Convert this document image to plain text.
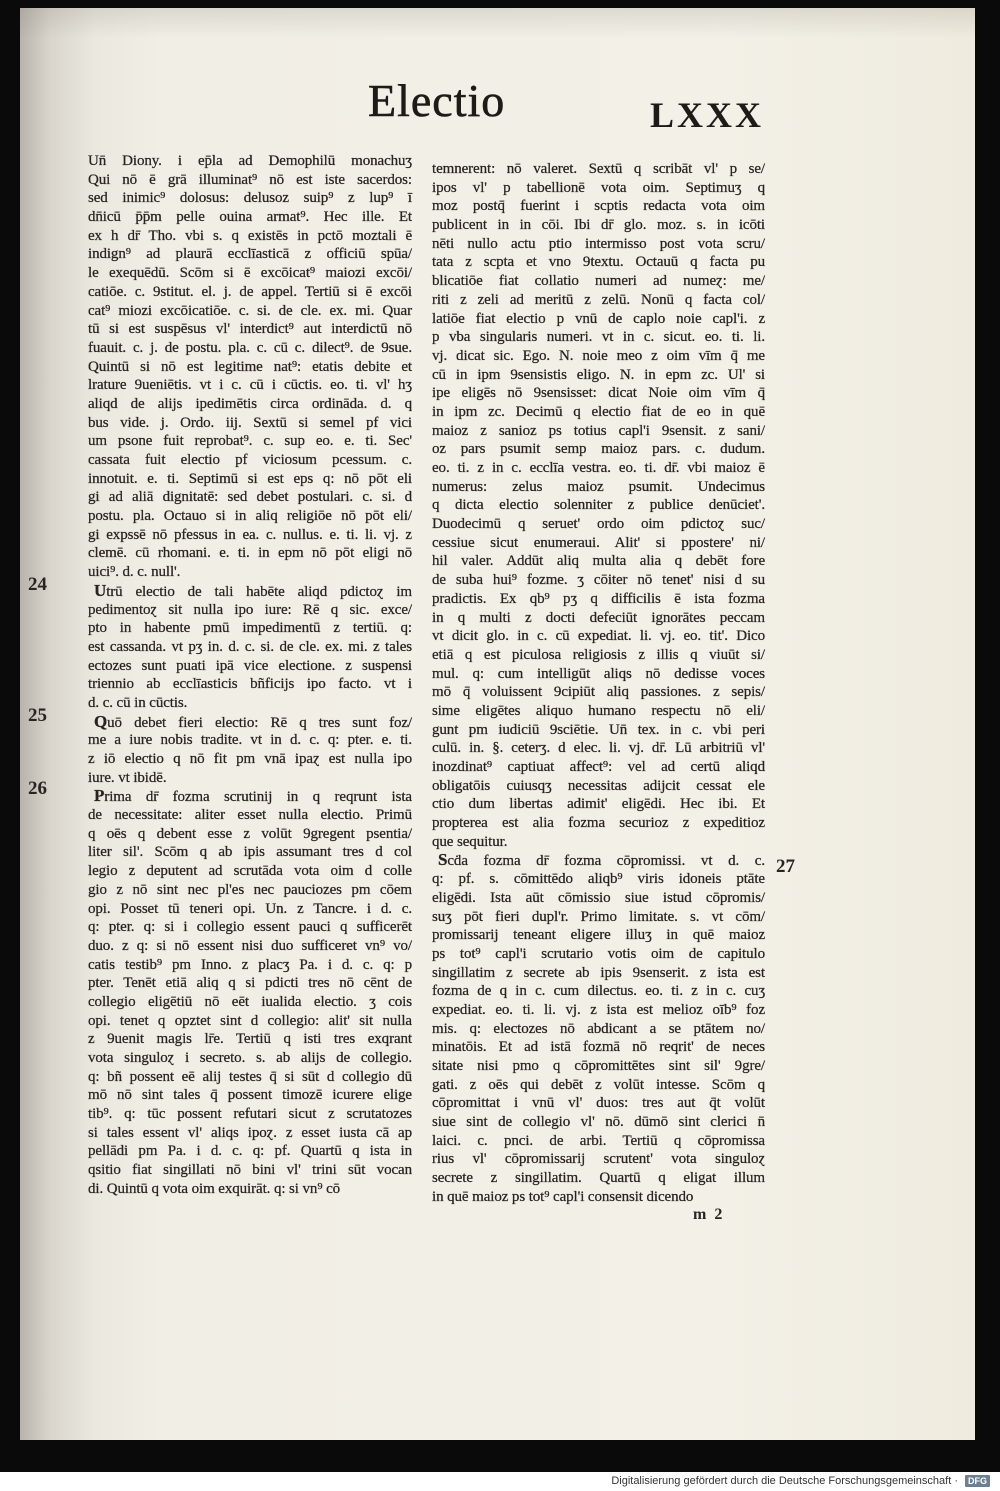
Electio	LXXX
24
25
26
27
Un̄ Diony. i ep̄la ad Demophilū monachuʒ
Qui nō ē grā illuminat⁹ nō est iste sacerdos:
sed inimic⁹ dolosus: delusoz suip⁹ z lup⁹ ī
dn̄icū p̄p̄m pelle ouina armat⁹. Hec ille. Et
ex h dr̄ Tho. vbi s. q existēs in pctō moztali ē
indign⁹ ad plaurā ecclīasticā z officiū spūa/
le exequēdū. Scōm si ē excōicat⁹ maiozi excōi/
catiōe. c. 9stitut. el. j. de appel. Tertiū si ē excōi
cat⁹ miozi excōicatiōe. c. si. de cle. ex. mi. Quar
tū si est suspēsus vl' interdict⁹ aut interdictū nō
fuauit. c. j. de postu. pla. c. cū c. dilect⁹. de 9sue.
Quintū si nō est legitime nat⁹: etatis debite et
lrature 9ueniētis. vt i c. cū i cūctis. eo. ti. vl' hʒ
aliqd de alijs ipedimētis circa ordināda. d. q
bus vide. j. Ordo. iij. Sextū si semel pf vici
um psone fuit reprobat⁹. c. sup eo. e. ti. Sec'
cassata fuit electio pf viciosum pcessum. c.
innotuit. e. ti. Septimū si est eps q: nō pōt eli
gi ad aliā dignitatē: sed debet postulari. c. si. d
postu. pla. Octauo si in aliq religiōe nō pōt eli/
gi expssē nō pfessus in ea. c. nullus. e. ti. li. vj. z
clemē. cū rhomani. e. ti. in epm nō pōt eligi nō
uici⁹. d. c. null'.
Utrū electio de tali habēte aliqd pdictoɀ im
pedimentoɀ sit nulla ipo iure: Rē q sic. exce/
pto in habente pmū impedimentū z tertiū. q:
est cassanda. vt pʒ in. d. c. si. de cle. ex. mi. z tales
ectozes sunt puati ipā vice electione. z suspensi
triennio ab ecclīasticis bñficijs ipo facto. vt i
d. c. cū in cūctis.
Quō debet fieri electio: Rē q tres sunt foz/
me a iure nobis tradite. vt in d. c. q: pter. e. ti.
z iō electio q nō fit pm vnā ipaɀ est nulla ipo
iure. vt ibidē.
Prima dr̄ fozma scrutinij in q reqrunt ista
de necessitate: aliter esset nulla electio. Primū
q oēs q debent esse z volūt 9gregent psentia/
liter sil'. Scōm q ab ipis assumant tres d col
legio z deputent ad scrutāda vota oim d colle
gio z nō sint nec pl'es nec pauciozes pm cōem
opi. Posset tū teneri opi. Un. z Tancre. i d. c.
q: pter. q: si i collegio essent pauci q sufficerēt
duo. z q: si nō essent nisi duo sufficeret vn⁹ vo/
catis testib⁹ pm Inno. z placʒ Pa. i d. c. q: p
pter. Tenēt etiā aliq q si pdicti tres nō cēnt de
collegio eligētiū nō eēt iualida electio. ʒ cois
opi. tenet q opztet sint d collegio: alit' sit nulla
z 9uenit magis lr̄e. Tertiū q isti tres exqrant
vota singuloɀ i secreto. s. ab alijs de collegio.
q: bñ possent eē alij testes q̄ si sūt d collegio dū
mō nō sint tales q̄ possent timozē icurere elige
tib⁹. q: tūc possent refutari sicut z scrutatozes
si tales essent vl' aliqs ipoɀ. z esset iusta cā ap
pellādi pm Pa. i d. c. q: pf. Quartū q ista in
qsitio fiat singillati nō bini vl' trini sūt vocan
di. Quintū q vota oim exquirāt. q: si vn⁹ cō
temnerent: nō valeret. Sextū q scribāt vl' p se/
ipos vl' p tabellionē vota oim. Septimuʒ q
moz postq̄ fuerint i scptis redacta vota oim
publicent in in cōi. Ibi dr̄ glo. moz. s. in icōti
nēti nullo actu ptio intermisso post vota scru/
tata z scpta et vno 9textu. Octauū q facta pu
blicatiōe fiat collatio numeri ad numeɀ: me/
riti z zeli ad meritū z zelū. Nonū q facta col/
latiōe fiat electio p vnū de caplo noie capl'i. z
p vba singularis numeri. vt in c. sicut. eo. ti. li.
vj. dicat sic. Ego. N. noie meo z oim vīm q̄ me
cū in ipm 9sensistis eligo. N. in epm zc. Ul' si
ipe eligēs nō 9sensisset: dicat Noie oim vīm q̄
in ipm zc. Decimū q electio fiat de eo in quē
maioz z sanioz ps totius capl'i 9sensit. z sani/
oz pars psumit semp maioz pars. c. dudum.
eo. ti. z in c. ecclīa vestra. eo. ti. dr̄. vbi maioz ē
numerus: zelus maioz psumit. Undecimus
q dicta electio solenniter z publice denūciet'.
Duodecimū q seruet' ordo oim pdictoɀ suc/
cessiue sicut enumeraui. Alit' si ppostere' ni/
hil valer. Addūt aliq multa alia q debēt fore
de suba hui⁹ fozme. ʒ cōiter nō tenet' nisi d su
pradictis. Ex qb⁹ pʒ q difficilis ē ista fozma
in q multi z docti defeciūt ignorātes peccam
vt dicit glo. in c. cū expediat. li. vj. eo. tit'. Dico
etiā q est piculosa religiosis z illis q viuūt si/
mul. q: cum intelligūt aliqs nō dedisse voces
mō q̄ voluissent 9cipiūt aliq passiones. z sepis/
sime eligētes aliquo humano respectu nō eli/
gunt pm iudiciū 9sciētie. Un̄ tex. in c. vbi peri
culū. in. §. ceterʒ. d elec. li. vj. dr̄. Lū arbitriū vl'
inozdinat⁹ captiuat affect⁹: vel ad certū aliqd
obligatōis cuiusqʒ necessitas adijcit cessat ele
ctio dum libertas adimit' eligēdi. Hec ibi. Et
propterea est alia fozma securioz z expeditioz
que sequitur.
Scḋa fozma dr̄ fozma cōpromissi. vt d. c.
q: pf. s. cōmittēdo aliqb⁹ viris idoneis ptāte
eligēdi. Ista aūt cōmissio siue istud cōpromis/
suʒ pōt fieri dupl'r. Primo limitate. s. vt cōm/
promissarij teneant eligere illuʒ in quē maioz
ps tot⁹ capl'i scrutario votis oim de capitulo
singillatim z secrete ab ipis 9senserit. z ista est
fozma de q in c. cum dilectus. eo. ti. z in c. cuʒ
expediat. eo. ti. li. vj. z ista est melioz oīb⁹ foz
mis. q: electozes nō abdicant a se ptātem no/
minatōis. Et ad istā fozmā nō reqrit' de neces
sitate nisi pmo q cōpromittētes sint sil' 9gre/
gati. z oēs qui debēt z volūt intesse. Scōm q
cōpromittat i vnū vl' duos: tres aut q̄t volūt
siue sint de collegio vl' nō. dūmō sint clerici n̄
laici. c. pnci. de arbi. Tertiū q cōpromissa
rius vl' cōpromissarij scrutent' vota singuloɀ
secrete z singillatim. Quartū q eligat illum
in quē maioz ps tot⁹ capl'i consensit dicendo
m 2
Digitalisierung gefördert durch die Deutsche Forschungsgemeinschaft ·	DFG
